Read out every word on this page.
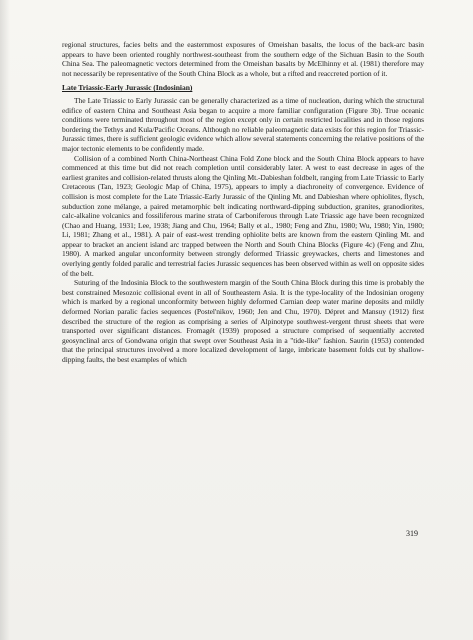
regional structures, facies belts and the easternmost exposures of Omeishan basalts, the locus of the back-arc basin appears to have been oriented roughly northwest-southeast from the southern edge of the Sichuan Basin to the South China Sea. The paleomagnetic vectors determined from the Omeishan basalts by McElhinny et al. (1981) therefore may not necessarily be representative of the South China Block as a whole, but a rifted and reaccreted portion of it.

Late Triassic-Early Jurassic (Indosinian)

The Late Triassic to Early Jurassic can be generally characterized as a time of nucleation, during which the structural edifice of eastern China and Southeast Asia began to acquire a more familiar configuration (Figure 3b). True oceanic conditions were terminated throughout most of the region except only in certain restricted localities and in those regions bordering the Tethys and Kula/Pacific Oceans. Although no reliable paleomagnetic data exists for this region for Triassic-Jurassic times, there is sufficient geologic evidence which allow several statements concerning the relative positions of the major tectonic elements to be confidently made.

Collision of a combined North China-Northeast China Fold Zone block and the South China Block appears to have commenced at this time but did not reach completion until considerably later. A west to east decrease in ages of the earliest granites and collision-related thrusts along the Qinling Mt.-Dabieshan foldbelt, ranging from Late Triassic to Early Cretaceous (Tan, 1923; Geologic Map of China, 1975), appears to imply a diachroneity of convergence. Evidence of collision is most complete for the Late Triassic-Early Jurassic of the Qinling Mt. and Dabieshan where ophiolites, flysch, subduction zone mélange, a paired metamorphic belt indicating northward-dipping subduction, granites, granodiorites, calc-alkaline volcanics and fossiliferous marine strata of Carboniferous through Late Triassic age have been recognized (Chao and Huang, 1931; Lee, 1938; Jiang and Chu, 1964; Bally et al., 1980; Feng and Zhu, 1980; Wu, 1980; Yin, 1980; Li, 1981; Zhang et al., 1981). A pair of east-west trending ophiolite belts are known from the eastern Qinling Mt. and appear to bracket an ancient island arc trapped between the North and South China Blocks (Figure 4c) (Feng and Zhu, 1980). A marked angular unconformity between strongly deformed Triassic greywackes, cherts and limestones and overlying gently folded paralic and terrestrial facies Jurassic sequences has been observed within as well on opposite sides of the belt.

Suturing of the Indosinia Block to the southwestern margin of the South China Block during this time is probably the best constrained Mesozoic collisional event in all of Southeastern Asia. It is the type-locality of the Indosinian orogeny which is marked by a regional unconformity between highly deformed Carnian deep water marine deposits and mildly deformed Norian paralic facies sequences (Postel'nikov, 1960; Jen and Chu, 1970). Dépret and Mansuy (1912) first described the structure of the region as comprising a series of Alpinotype southwest-vergent thrust sheets that were transported over significant distances. Fromagét (1939) proposed a structure comprised of sequentially accreted geosynclinal arcs of Gondwana origin that swept over Southeast Asia in a "tide-like" fashion. Saurin (1953) contended that the principal structures involved a more localized development of large, imbricate basement folds cut by shallow-dipping faults, the best examples of which

319
